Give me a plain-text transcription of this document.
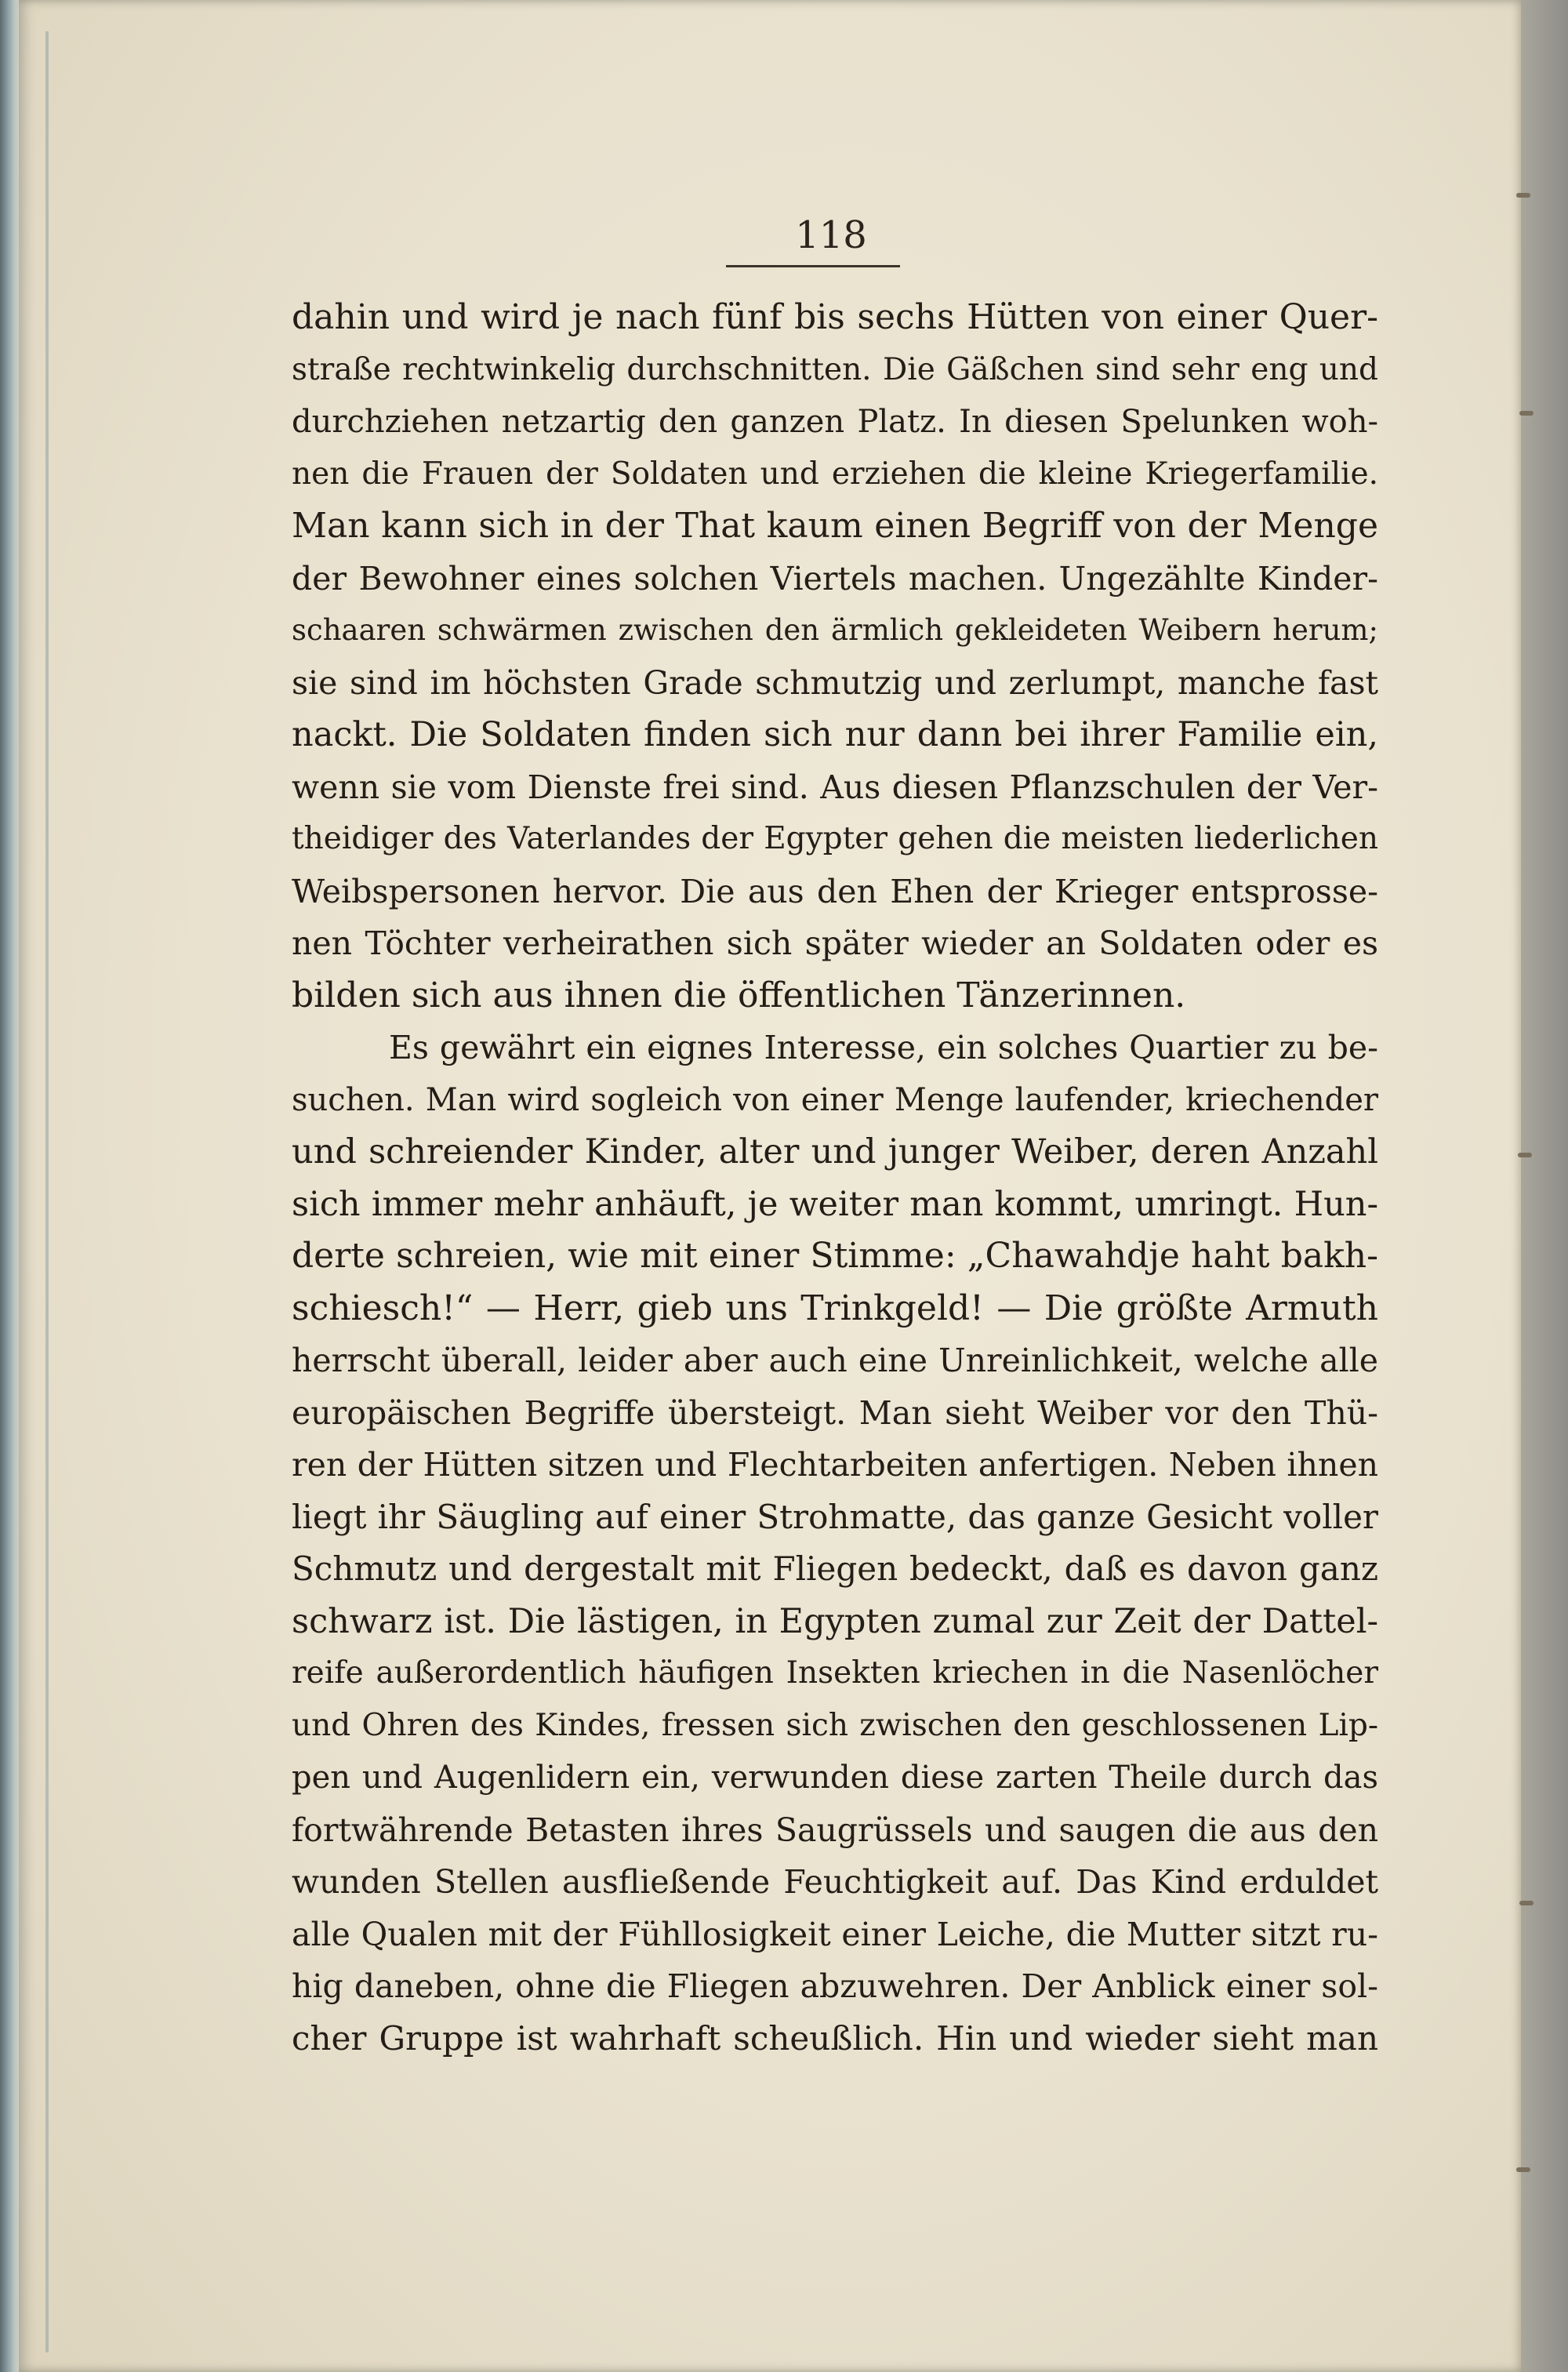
118

dahin und wird je nach fünf bis sechs Hütten von einer Quer-
straße rechtwinkelig durchschnitten. Die Gäßchen sind sehr eng und
durchziehen netzartig den ganzen Platz. In diesen Spelunken woh-
nen die Frauen der Soldaten und erziehen die kleine Kriegerfamilie.
Man kann sich in der That kaum einen Begriff von der Menge
der Bewohner eines solchen Viertels machen. Ungezählte Kinder-
schaaren schwärmen zwischen den ärmlich gekleideten Weibern herum;
sie sind im höchsten Grade schmutzig und zerlumpt, manche fast
nackt. Die Soldaten finden sich nur dann bei ihrer Familie ein,
wenn sie vom Dienste frei sind. Aus diesen Pflanzschulen der Ver-
theidiger des Vaterlandes der Egypter gehen die meisten liederlichen
Weibspersonen hervor. Die aus den Ehen der Krieger entsprosse-
nen Töchter verheirathen sich später wieder an Soldaten oder es
bilden sich aus ihnen die öffentlichen Tänzerinnen.
Es gewährt ein eignes Interesse, ein solches Quartier zu be-
suchen. Man wird sogleich von einer Menge laufender, kriechender
und schreiender Kinder, alter und junger Weiber, deren Anzahl
sich immer mehr anhäuft, je weiter man kommt, umringt. Hun-
derte schreien, wie mit einer Stimme: „Chawahdje haht bakh-
schiesch!“ — Herr, gieb uns Trinkgeld! — Die größte Armuth
herrscht überall, leider aber auch eine Unreinlichkeit, welche alle
europäischen Begriffe übersteigt. Man sieht Weiber vor den Thü-
ren der Hütten sitzen und Flechtarbeiten anfertigen. Neben ihnen
liegt ihr Säugling auf einer Strohmatte, das ganze Gesicht voller
Schmutz und dergestalt mit Fliegen bedeckt, daß es davon ganz
schwarz ist. Die lästigen, in Egypten zumal zur Zeit der Dattel-
reife außerordentlich häufigen Insekten kriechen in die Nasenlöcher
und Ohren des Kindes, fressen sich zwischen den geschlossenen Lip-
pen und Augenlidern ein, verwunden diese zarten Theile durch das
fortwährende Betasten ihres Saugrüssels und saugen die aus den
wunden Stellen ausfließende Feuchtigkeit auf. Das Kind erduldet
alle Qualen mit der Fühllosigkeit einer Leiche, die Mutter sitzt ru-
hig daneben, ohne die Fliegen abzuwehren. Der Anblick einer sol-
cher Gruppe ist wahrhaft scheußlich. Hin und wieder sieht man
